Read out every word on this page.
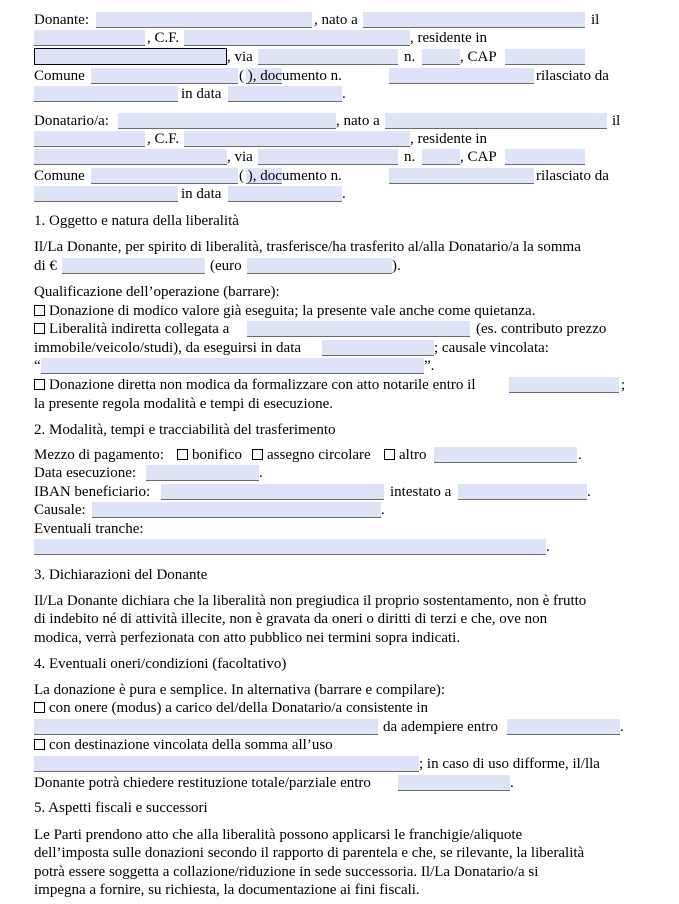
Donante:	, nato a	il
, C.F.	, residente in
, via	n.	, CAP
Comune	( ), documento n.	rilasciato da
in data	.
Donatario/a:	, nato a	il
, C.F.	, residente in
, via	n.	, CAP
Comune	( ), documento n.	rilasciato da
in data	.
1. Oggetto e natura della liberalità
Il/La Donante, per spirito di liberalità, trasferisce/ha trasferito al/alla Donatario/a la somma
di €	(euro	).
Qualificazione dell’operazione (barrare):
Donazione di modico valore già eseguita; la presente vale anche come quietanza.
Liberalità indiretta collegata a	(es. contributo prezzo
immobile/veicolo/studi), da eseguirsi in data	; causale vincolata:
“	”.
Donazione diretta non modica da formalizzare con atto notarile entro il	;
la presente regola modalità e tempi di esecuzione.
2. Modalità, tempi e tracciabilità del trasferimento
Mezzo di pagamento:	bonifico	assegno circolare	altro	.
Data esecuzione:	.
IBAN beneficiario:	intestato a	.
Causale:	.
Eventuali tranche:
.
3. Dichiarazioni del Donante
Il/La Donante dichiara che la liberalità non pregiudica il proprio sostentamento, non è frutto
di indebito né di attività illecite, non è gravata da oneri o diritti di terzi e che, ove non
modica, verrà perfezionata con atto pubblico nei termini sopra indicati.
4. Eventuali oneri/condizioni (facoltativo)
La donazione è pura e semplice. In alternativa (barrare e compilare):
con onere (modus) a carico del/della Donatario/a consistente in
da adempiere entro	.
con destinazione vincolata della somma all’uso
; in caso di uso difforme, il/lla
Donante potrà chiedere restituzione totale/parziale entro	.
5. Aspetti fiscali e successori
Le Parti prendono atto che alla liberalità possono applicarsi le franchigie/aliquote
dell’imposta sulle donazioni secondo il rapporto di parentela e che, se rilevante, la liberalità
potrà essere soggetta a collazione/riduzione in sede successoria. Il/La Donatario/a si
impegna a fornire, su richiesta, la documentazione ai fini fiscali.
